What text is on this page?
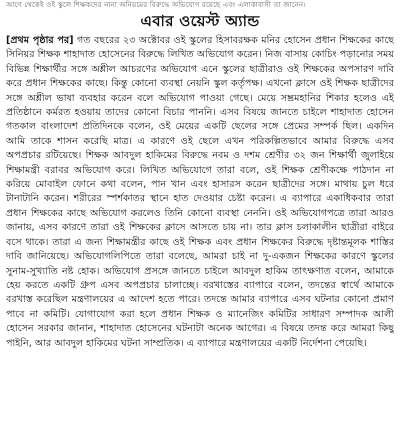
আগে থেকেই ওই স্কুলে শিক্ষকদের নানা অনিয়মের বিরুদ্ধে অভিযোগ রয়েছে এবং এলাকাবাসী তা জানেন।
এবার ওয়েস্ট অ্যান্ড
[প্রথম পৃষ্ঠার পর] গত বছরের ২৩ অক্টোবর ওই স্কুলের হিসাবরক্ষক মনির হোসেন প্রধান শিক্ষকের কাছে সিনিয়র শিক্ষক শাহাদাত হোসেনের বিরুদ্ধে লিখিত অভিযোগ করেন। নিজ বাসায় কোচিং পড়ানোর সময় বিভিন্ন শিক্ষার্থীর সঙ্গে অশ্লীল আচরণের অভিযোগ এনে স্কুলের ছাত্রীরাও ওই শিক্ষকের অপসারণ দাবি করে প্রধান শিক্ষকের কাছে। কিন্তু কোনো ব্যবস্থা নেয়নি স্কুল কর্তৃপক্ষ। এখনো ক্লাসে ওই শিক্ষক ছাত্রীদের সঙ্গে অশ্লীল ভাষা ব্যবহার করেন বলে অভিযোগ পাওয়া গেছে। মেয়ে সম্ভ্রমহানির শিকার হলেও এই প্রতিষ্ঠানে কর্মরত হওয়ায় তাদের কোনো বিচার পাননি। এসব বিষয়ে জানতে চাইলে শাহাদাত হোসেন গতকাল বাংলাদেশ প্রতিদিনকে বলেন, ওই মেয়ের একটি ছেলের সঙ্গে প্রেমের সম্পর্ক ছিল। একদিন আমি তাকে শাসন করেছি মাত্র। এ কারণে ওই ছেলে এখন পরিকল্পিতভাবে আমার বিরুদ্ধে এসব অপপ্রচার রটিয়েছে। শিক্ষক আবদুল হাকিমের বিরুদ্ধে নবম ও দশম শ্রেণীর ৩২ জন শিক্ষার্থী জুলাইয়ে শিক্ষামন্ত্রী বরাবর অভিযোগ করে। লিখিত অভিযোগে তারা বলে, ওই শিক্ষক শ্রেণীকক্ষে পাঠদান না করিয়ে মোবাইল ফোনে কথা বলেন, পান খান এবং হাসারস করেন ছাত্রীদের সঙ্গে। মাথায় চুল ধরে টানাটানি করেন। শরীরের স্পর্শকাতর স্থানে হাত দেওয়ার চেষ্টা করেন। এ ব্যাপারে একাধিকবার তারা প্রধান শিক্ষকের কাছে অভিযোগ করলেও তিনি কোনো ব্যবস্থা নেননি। ওই অভিযোগপত্রে তারা আরও জানায়, এসব কারণে তারা ওই শিক্ষকের ক্লাসে আসতে চায় না। তার ক্লাস চলাকালীন ছাত্রীরা বাইরে বসে থাকে। তারা এ জন্য শিক্ষামন্ত্রীর কাছে ওই শিক্ষক এবং প্রধান শিক্ষকের বিরুদ্ধে দৃষ্টান্তমূলক শাস্তির দাবি জানিয়েছে। অভিযোগলিপিতে তারা বলেছে, আমরা চাই না দু-একজন শিক্ষকের কারণে স্কুলের সুনাম-সুখ্যাতি নষ্ট হোক। অভিযোগ প্রসঙ্গে জানতে চাইলে আবদুল হাকিম তাৎক্ষণাত বলেন, আমাকে হেয় করতে একটি গ্রুপ এসব অপপ্রচার চালাচ্ছে। বরখাস্তের ব্যাপারে বলেন, তদন্তের স্বার্থে আমাকে বরখাস্ত করেছিল মন্ত্রণালয়ের এ আদেশ হতে পারে। তদন্তে আমার ব্যাপারে এসব ঘটনার কোনো প্রমাণ পাবে না কমিটি। যোগাযোগ করা হলে প্রধান শিক্ষক ও ম্যানেজিং কমিটির সাধারণ সম্পাদক আলী হোসেন সরকার জানান, শাহাদাত হোসেনের ঘটনাটা অনেক আগের। এ বিষয়ে তদন্ত করে আমরা কিছু পাইনি, আর আবদুল হাকিমের ঘটনা সাম্প্রতিক। এ ব্যাপারে মন্ত্রণালয়ের একটি নির্দেশনা পেয়েছি।
